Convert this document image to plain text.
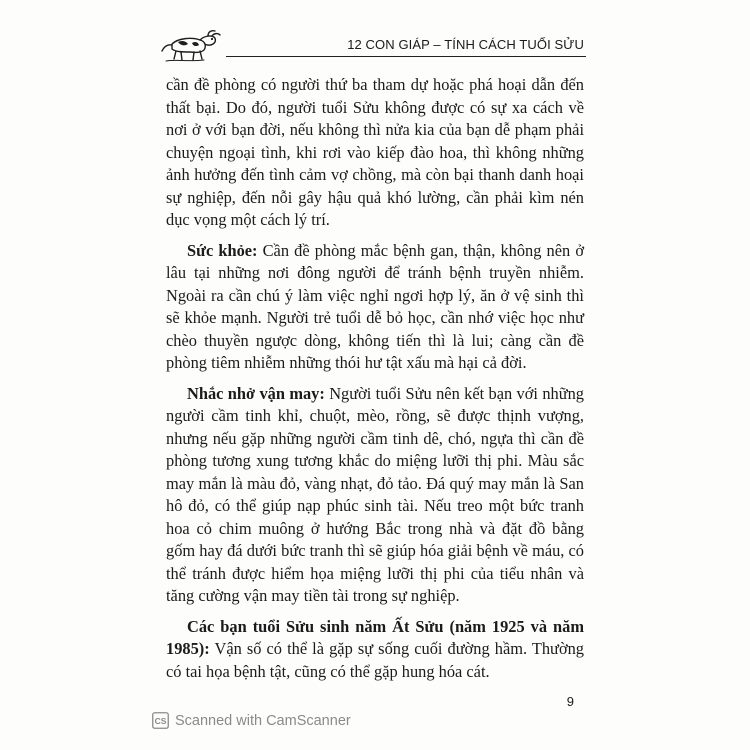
12 CON GIÁP – TÍNH CÁCH TUỔI SỬU

cần đề phòng có người thứ ba tham dự hoặc phá hoại dẫn đến thất bại. Do đó, người tuổi Sửu không được có sự xa cách về nơi ở với bạn đời, nếu không thì nửa kia của bạn dễ phạm phải chuyện ngoại tình, khi rơi vào kiếp đào hoa, thì không những ảnh hưởng đến tình cảm vợ chồng, mà còn bại thanh danh hoại sự nghiệp, đến nỗi gây hậu quả khó lường, cần phải kìm nén dục vọng một cách lý trí.

Sức khỏe: Cần đề phòng mắc bệnh gan, thận, không nên ở lâu tại những nơi đông người để tránh bệnh truyền nhiễm. Ngoài ra cần chú ý làm việc nghỉ ngơi hợp lý, ăn ở vệ sinh thì sẽ khỏe mạnh. Người trẻ tuổi dễ bỏ học, cần nhớ việc học như chèo thuyền ngược dòng, không tiến thì là lui; càng cần đề phòng tiêm nhiễm những thói hư tật xấu mà hại cả đời.

Nhắc nhở vận may: Người tuổi Sửu nên kết bạn với những người cầm tinh khỉ, chuột, mèo, rồng, sẽ được thịnh vượng, nhưng nếu gặp những người cầm tinh dê, chó, ngựa thì cần đề phòng tương xung tương khắc do miệng lưỡi thị phi. Màu sắc may mắn là màu đỏ, vàng nhạt, đỏ tảo. Đá quý may mắn là San hô đỏ, có thể giúp nạp phúc sinh tài. Nếu treo một bức tranh hoa cỏ chim muông ở hướng Bắc trong nhà và đặt đồ bằng gốm hay đá dưới bức tranh thì sẽ giúp hóa giải bệnh về máu, có thể tránh được hiểm họa miệng lưỡi thị phi của tiểu nhân và tăng cường vận may tiền tài trong sự nghiệp.

Các bạn tuổi Sửu sinh năm Ất Sửu (năm 1925 và năm 1985): Vận số có thể là gặp sự sống cuối đường hầm. Thường có tai họa bệnh tật, cũng có thể gặp hung hóa cát.

9
CS Scanned with CamScanner
